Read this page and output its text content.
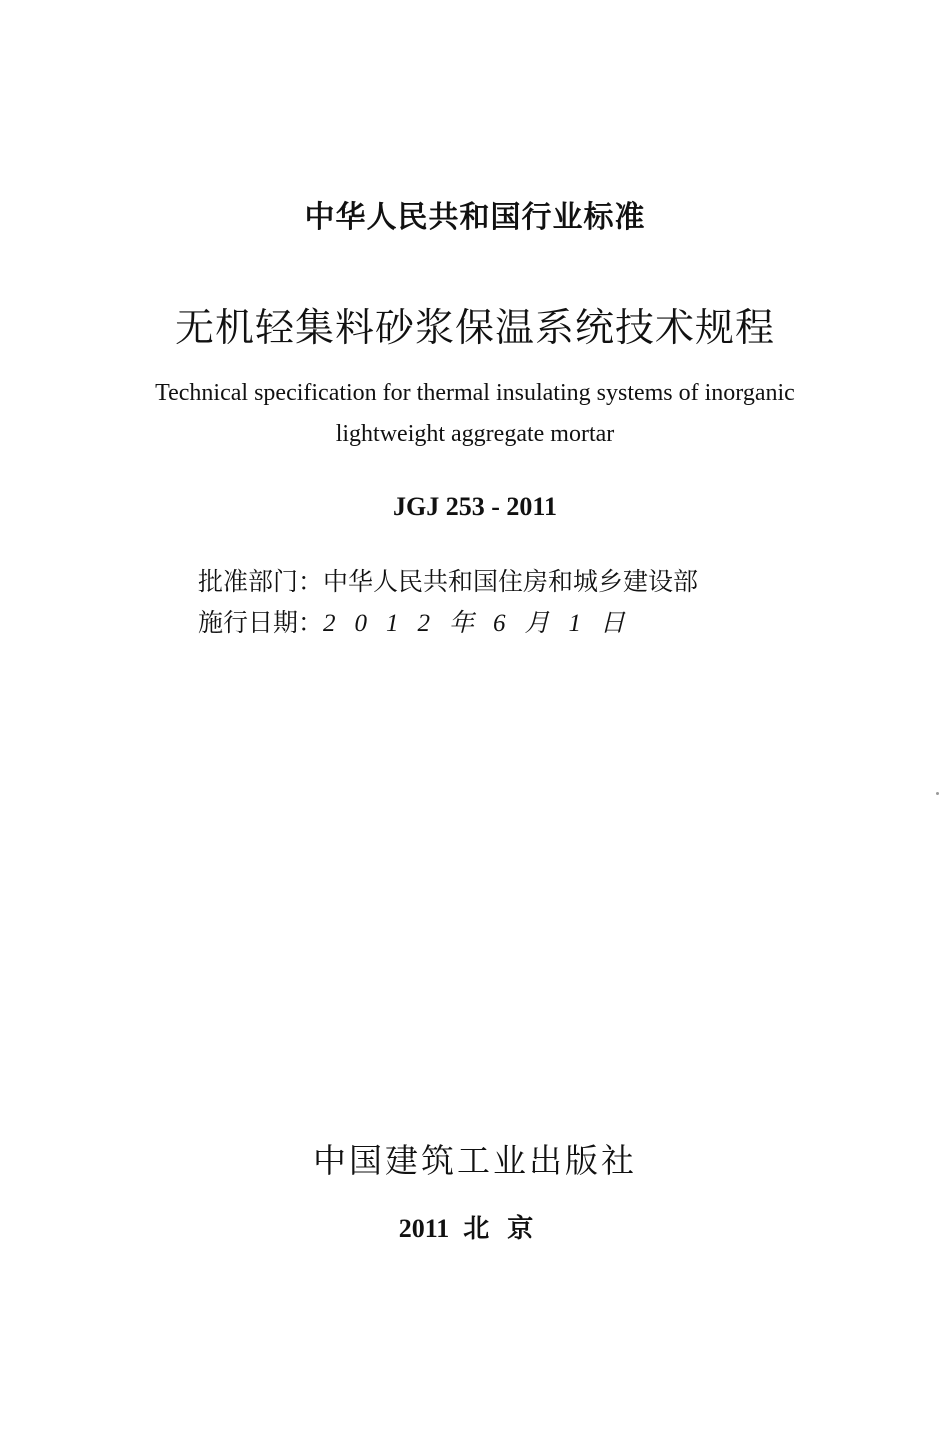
中华人民共和国行业标准
无机轻集料砂浆保温系统技术规程
Technical specification for thermal insulating systems of inorganic
lightweight aggregate mortar
JGJ 253 - 2011
批准部门：中华人民共和国住房和城乡建设部
施行日期：2012年6月1日
中国建筑工业出版社
2011 北京
